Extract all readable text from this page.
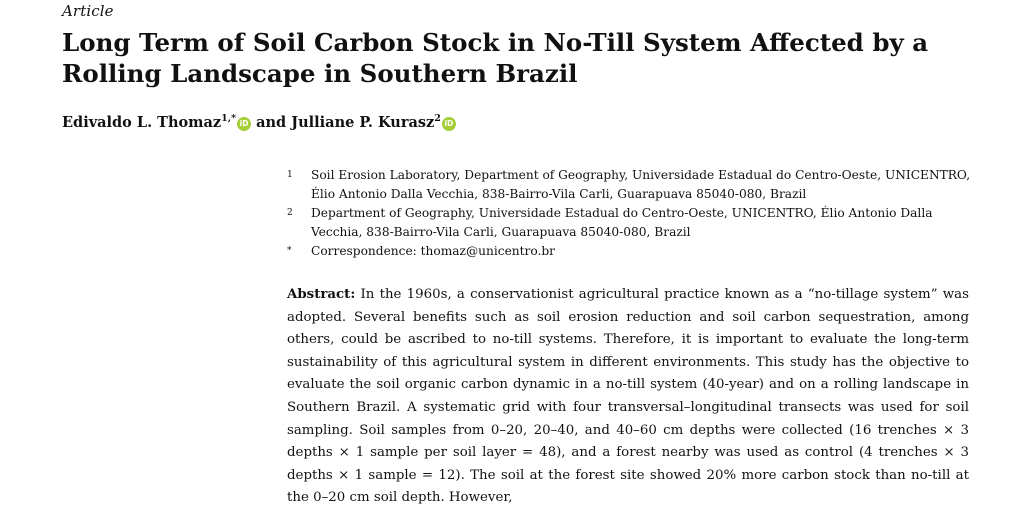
Article
Long Term of Soil Carbon Stock in No-Till System Affected by a Rolling Landscape in Southern Brazil
Edivaldo L. Thomaz$^{1,*}$ iD and Julliane P. Kurasz$^2$ iD
1	Soil Erosion Laboratory, Department of Geography, Universidade Estadual do Centro-Oeste, UNICENTRO, Élio Antonio Dalla Vecchia, 838-Bairro-Vila Carli, Guarapuava 85040-080, Brazil
2	Department of Geography, Universidade Estadual do Centro-Oeste, UNICENTRO, Élio Antonio Dalla Vecchia, 838-Bairro-Vila Carli, Guarapuava 85040-080, Brazil
*	Correspondence: thomaz@unicentro.br

Abstract: In the 1960s, a conservationist agricultural practice known as a “no-tillage system” was adopted. Several benefits such as soil erosion reduction and soil carbon sequestration, among others, could be ascribed to no-till systems. Therefore, it is important to evaluate the long-term sustainability of this agricultural system in different environments. This study has the objective to evaluate the soil organic carbon dynamic in a no-till system (40-year) and on a rolling landscape in Southern Brazil. A systematic grid with four transversal–longitudinal transects was used for soil sampling. Soil samples from 0–20, 20–40, and 40–60 cm depths were collected (16 trenches × 3 depths × 1 sample per soil layer = 48), and a forest nearby was used as control (4 trenches × 3 depths × 1 sample = 12). The soil at the forest site showed 20% more carbon stock than no-till at the 0–20 cm soil depth. However,
